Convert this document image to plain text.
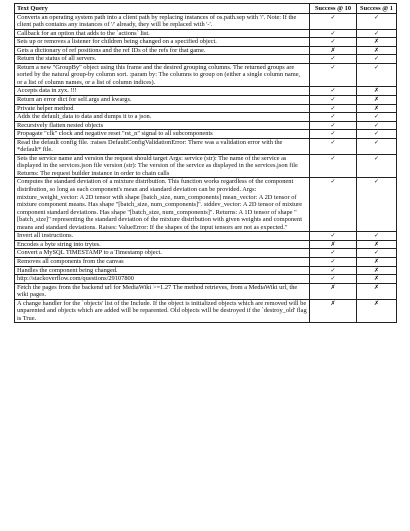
Text Query	Success @ 10	Success @ 1
Converts an operating system path into a client path by replacing instances of os.path.sep with '/'. Note: If the client path contains any instances of '/' already, they will be replaced with '-'.	✓	✓
Callback for an option that adds to the `actions` list.	✓	✓
Sets up or removes a listener for children being changed on a specified object.	✓	✗
Gets a dictionary of ref positions and the ref IDs of the refs for that game.	✗	✗
Return the status of all servers.	✓	✓
Return a new "GroupBy" object using this frame and the desired grouping columns. The returned groups are sorted by the natural group-by column sort. :param by: The columns to group on (either a single column name, or a list of column names, or a list of column indices).	✓	✓
Accepts data in zyx. !!!	✓	✗
Return an error dict for self.args and kwargs.	✓	✗
Private helper method	✓	✗
Adds the default_data to data and dumps it to a json.	✓	✓
Recursively flatten nested objects	✓	✓
Propagate "clk" clock and negative reset "rst_n" signal to all subcomponents	✓	✓
Read the default config file. :raises DefaultConfigValidationError: There was a validation error with the *default* file.	✓	✓
Sets the service name and version the request should target Args: service (str): The name of the service as displayed in the services.json file version (str): The version of the service as displayed in the services.json file Returns: The request builder instance in order to chain calls	✓	✓
Computes the standard deviation of a mixture distribution. This function works regardless of the component distribution, so long as each component's mean and standard deviation can be provided. Args: mixture_weight_vector: A 2D tensor with shape [batch_size, num_components] mean_vector: A 2D tensor of mixture component means. Has shape "[batch_size, num_components]". stddev_vector: A 2D tensor of mixture component standard deviations. Has shape "[batch_size, num_components]". Returns: A 1D tensor of shape "[batch_size]" representing the standard deviation of the mixture distribution with given weights and component means and standard deviations. Raises: ValueError: If the shapes of the input tensors are not as expected."	✓	✓
Invert all instructions.	✓	✓
Encodes a byte string into trytes.	✗	✗
Convert a MySQL TIMESTAMP to a Timestamp object.	✓	✓
Removes all components from the canvas	✓	✗
Handles the component being changed.	✓	✗
http://stackoverflow.com/questions/29107800	✓	✗
Fetch the pages from the backend url for MediaWiki >=1.27 The method retrieves, from a MediaWiki url, the wiki pages.	✗	✗
A change handler for the `objects' list of the Include. If the object is initialized objects which are removed will be unparented and objects which are added will be reparented. Old objects will be destroyed if the `destroy_old' flag is True.	✗	✗
